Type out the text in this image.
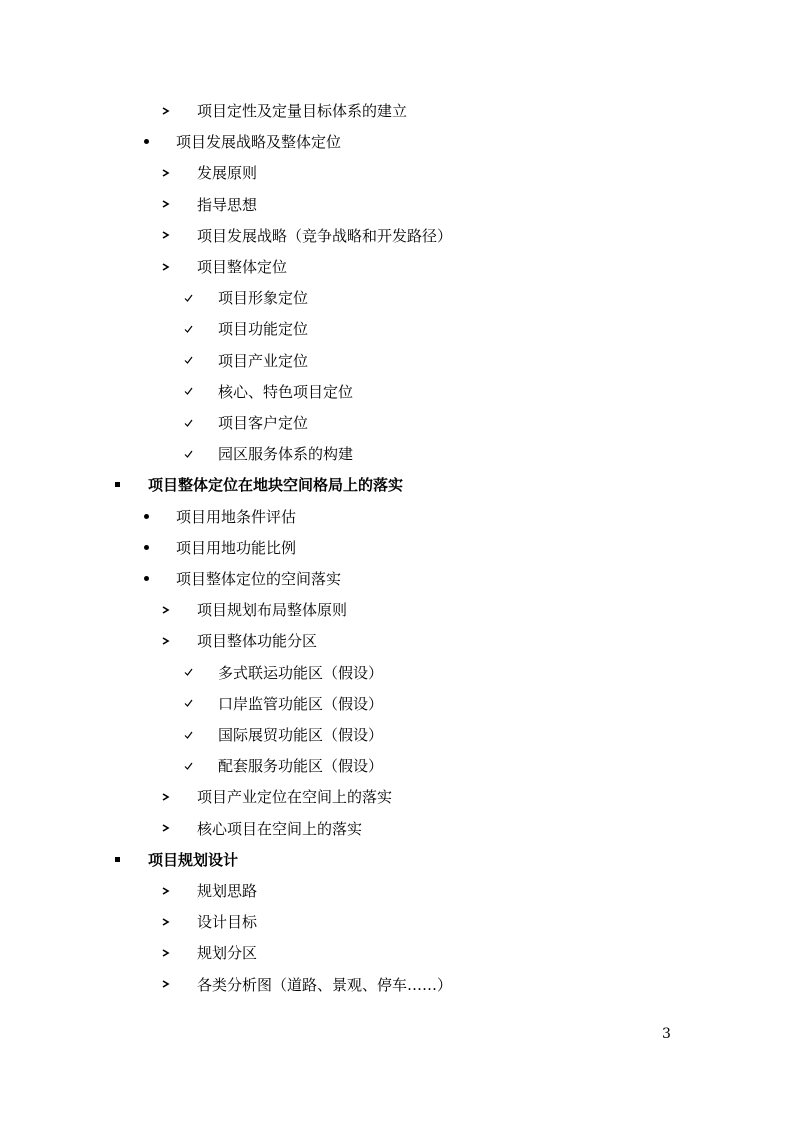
项目定性及定量目标体系的建立
项目发展战略及整体定位
发展原则
指导思想
项目发展战略（竞争战略和开发路径）
项目整体定位
项目形象定位
项目功能定位
项目产业定位
核心、特色项目定位
项目客户定位
园区服务体系的构建
项目整体定位在地块空间格局上的落实
项目用地条件评估
项目用地功能比例
项目整体定位的空间落实
项目规划布局整体原则
项目整体功能分区
多式联运功能区（假设）
口岸监管功能区（假设）
国际展贸功能区（假设）
配套服务功能区（假设）
项目产业定位在空间上的落实
核心项目在空间上的落实
项目规划设计
规划思路
设计目标
规划分区
各类分析图（道路、景观、停车……）
3
